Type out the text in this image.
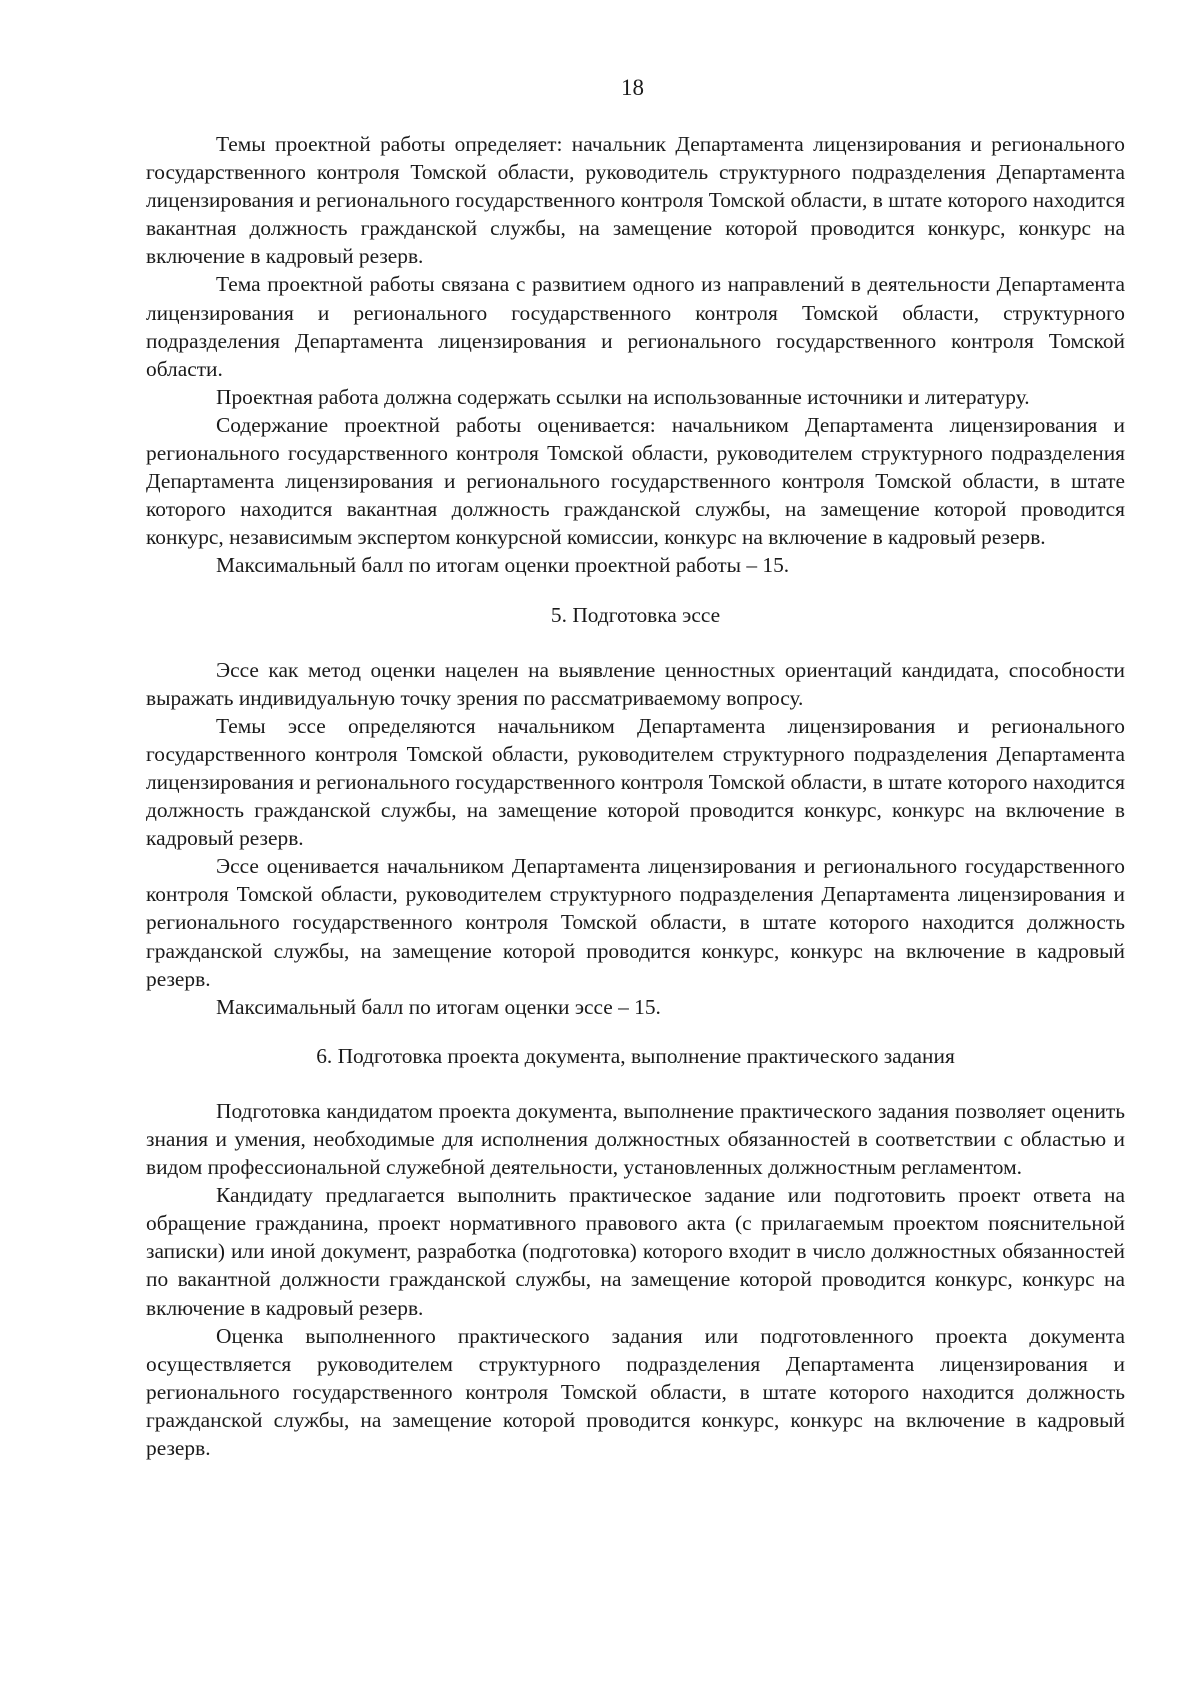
18

Темы проектной работы определяет: начальник Департамента лицензирования и регионального государственного контроля Томской области, руководитель структурного подразделения Департамента лицензирования и регионального государственного контроля Томской области, в штате которого находится вакантная должность гражданской службы, на замещение которой проводится конкурс, конкурс на включение в кадровый резерв.

Тема проектной работы связана с развитием одного из направлений в деятельности Департамента лицензирования и регионального государственного контроля Томской области, структурного подразделения Департамента лицензирования и регионального государственного контроля Томской области.

Проектная работа должна содержать ссылки на использованные источники и литературу.

Содержание проектной работы оценивается: начальником Департамента лицензирования и регионального государственного контроля Томской области, руководителем структурного подразделения Департамента лицензирования и регионального государственного контроля Томской области, в штате которого находится вакантная должность гражданской службы, на замещение которой проводится конкурс, независимым экспертом конкурсной комиссии, конкурс на включение в кадровый резерв.

Максимальный балл по итогам оценки проектной работы – 15.

5. Подготовка эссе

Эссе как метод оценки нацелен на выявление ценностных ориентаций кандидата, способности выражать индивидуальную точку зрения по рассматриваемому вопросу.

Темы эссе определяются начальником Департамента лицензирования и регионального государственного контроля Томской области, руководителем структурного подразделения Департамента лицензирования и регионального государственного контроля Томской области, в штате которого находится должность гражданской службы, на замещение которой проводится конкурс, конкурс на включение в кадровый резерв.

Эссе оценивается начальником Департамента лицензирования и регионального государственного контроля Томской области, руководителем структурного подразделения Департамента лицензирования и регионального государственного контроля Томской области, в штате которого находится должность гражданской службы, на замещение которой проводится конкурс, конкурс на включение в кадровый резерв.

Максимальный балл по итогам оценки эссе – 15.

6. Подготовка проекта документа, выполнение практического задания

Подготовка кандидатом проекта документа, выполнение практического задания позволяет оценить знания и умения, необходимые для исполнения должностных обязанностей в соответствии с областью и видом профессиональной служебной деятельности, установленных должностным регламентом.

Кандидату предлагается выполнить практическое задание или подготовить проект ответа на обращение гражданина, проект нормативного правового акта (с прилагаемым проектом пояснительной записки) или иной документ, разработка (подготовка) которого входит в число должностных обязанностей по вакантной должности гражданской службы, на замещение которой проводится конкурс, конкурс на включение в кадровый резерв.

Оценка выполненного практического задания или подготовленного проекта документа осуществляется руководителем структурного подразделения Департамента лицензирования и регионального государственного контроля Томской области, в штате которого находится должность гражданской службы, на замещение которой проводится конкурс, конкурс на включение в кадровый резерв.
